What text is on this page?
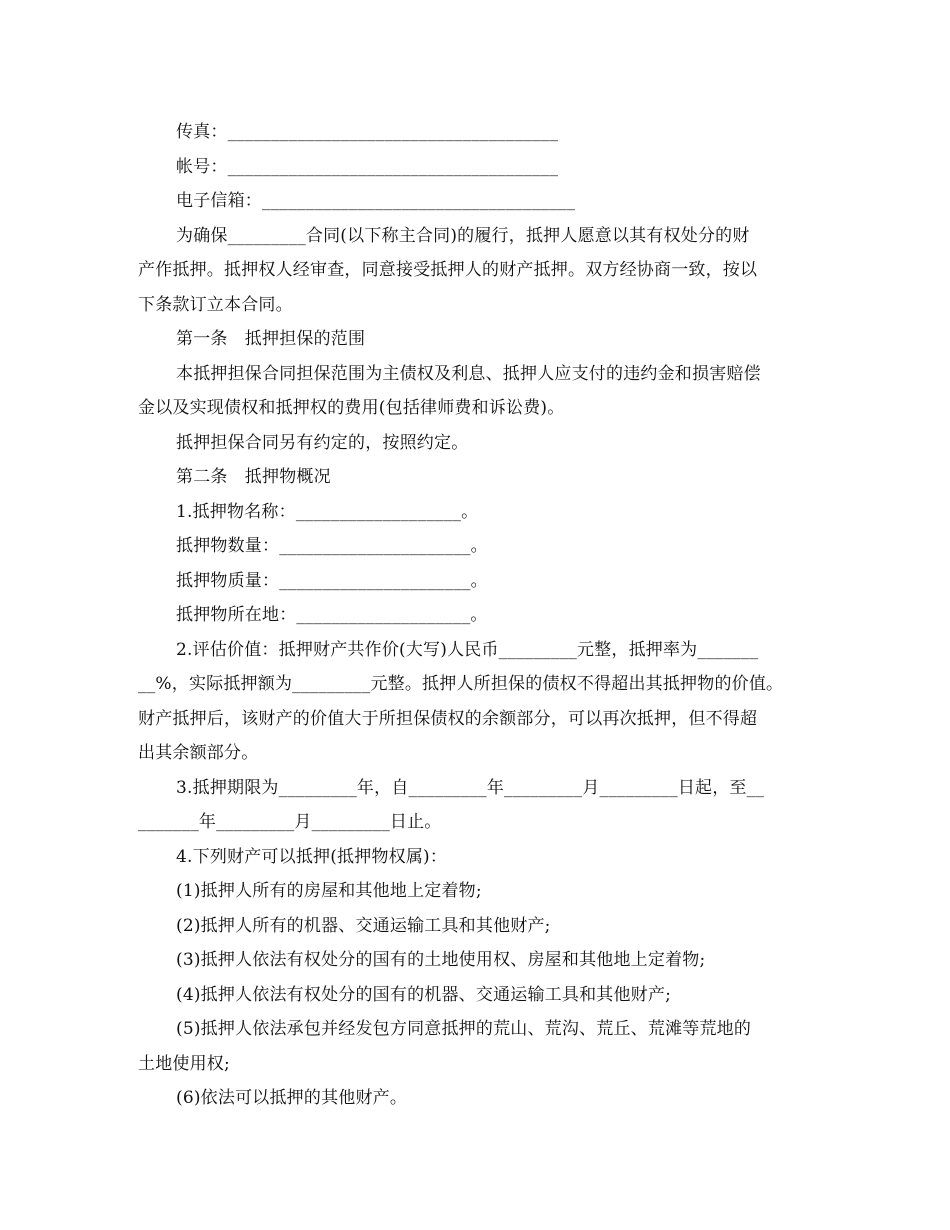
传真：______________________________________
帐号：______________________________________
电子信箱：____________________________________
为确保_________合同(以下称主合同)的履行，抵押人愿意以其有权处分的财
产作抵押。抵押权人经审查，同意接受抵押人的财产抵押。双方经协商一致，按以
下条款订立本合同。
第一条　抵押担保的范围
本抵押担保合同担保范围为主债权及利息、抵押人应支付的违约金和损害赔偿
金以及实现债权和抵押权的费用(包括律师费和诉讼费)。
抵押担保合同另有约定的，按照约定。
第二条　抵押物概况
1.抵押物名称：___________________。
抵押物数量：______________________。
抵押物质量：______________________。
抵押物所在地：____________________。
2.评估价值：抵押财产共作价(大写)人民币_________元整，抵押率为_______
__%，实际抵押额为_________元整。抵押人所担保的债权不得超出其抵押物的价值。
财产抵押后，该财产的价值大于所担保债权的余额部分，可以再次抵押，但不得超
出其余额部分。
3.抵押期限为_________年，自_________年_________月_________日起，至__
_______年_________月_________日止。
4.下列财产可以抵押(抵押物权属)：
(1)抵押人所有的房屋和其他地上定着物;
(2)抵押人所有的机器、交通运输工具和其他财产;
(3)抵押人依法有权处分的国有的土地使用权、房屋和其他地上定着物;
(4)抵押人依法有权处分的国有的机器、交通运输工具和其他财产;
(5)抵押人依法承包并经发包方同意抵押的荒山、荒沟、荒丘、荒滩等荒地的
土地使用权;
(6)依法可以抵押的其他财产。
